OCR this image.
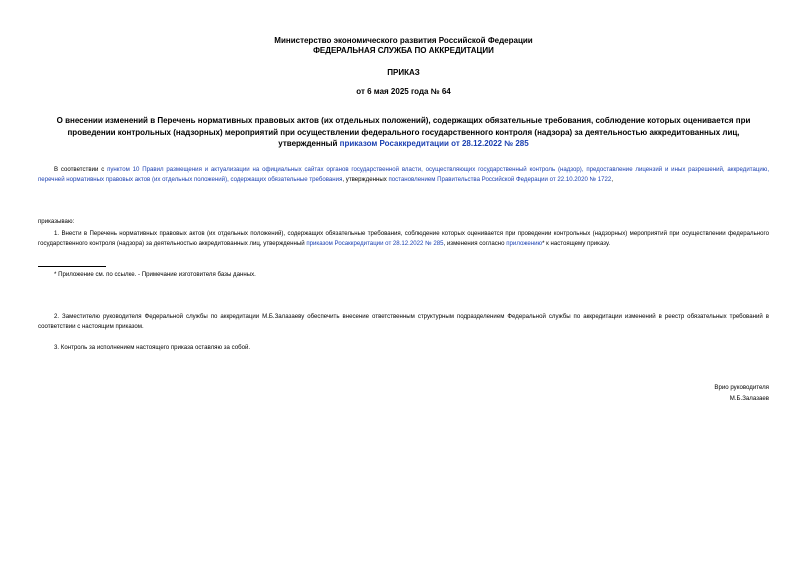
Министерство экономического развития Российской Федерации
ФЕДЕРАЛЬНАЯ СЛУЖБА ПО АККРЕДИТАЦИИ
ПРИКАЗ
от 6 мая 2025 года № 64
О внесении изменений в Перечень нормативных правовых актов (их отдельных положений), содержащих обязательные требования, соблюдение которых оценивается при проведении контрольных (надзорных) мероприятий при осуществлении федерального государственного контроля (надзора) за деятельностью аккредитованных лиц, утвержденный приказом Росаккредитации от 28.12.2022 № 285
В соответствии с пунктом 10 Правил размещения и актуализации на официальных сайтах органов государственной власти, осуществляющих государственный контроль (надзор), предоставление лицензий и иных разрешений, аккредитацию, перечней нормативных правовых актов (их отдельных положений), содержащих обязательные требования, утвержденных постановлением Правительства Российской Федерации от 22.10.2020 № 1722,
приказываю:
1. Внести в Перечень нормативных правовых актов (их отдельных положений), содержащих обязательные требования, соблюдение которых оценивается при проведении контрольных (надзорных) мероприятий при осуществлении федерального государственного контроля (надзора) за деятельностью аккредитованных лиц, утвержденный приказом Росаккредитации от 28.12.2022 № 285, изменения согласно приложению* к настоящему приказу.
* Приложение см. по ссылке. - Примечание изготовителя базы данных.
2. Заместителю руководителя Федеральной службы по аккредитации М.Б.Залазаеву обеспечить внесение ответственным структурным подразделением Федеральной службы по аккредитации изменений в реестр обязательных требований в соответствии с настоящим приказом.
3. Контроль за исполнением настоящего приказа оставляю за собой.
Врио руководителя
М.Б.Залазаев
